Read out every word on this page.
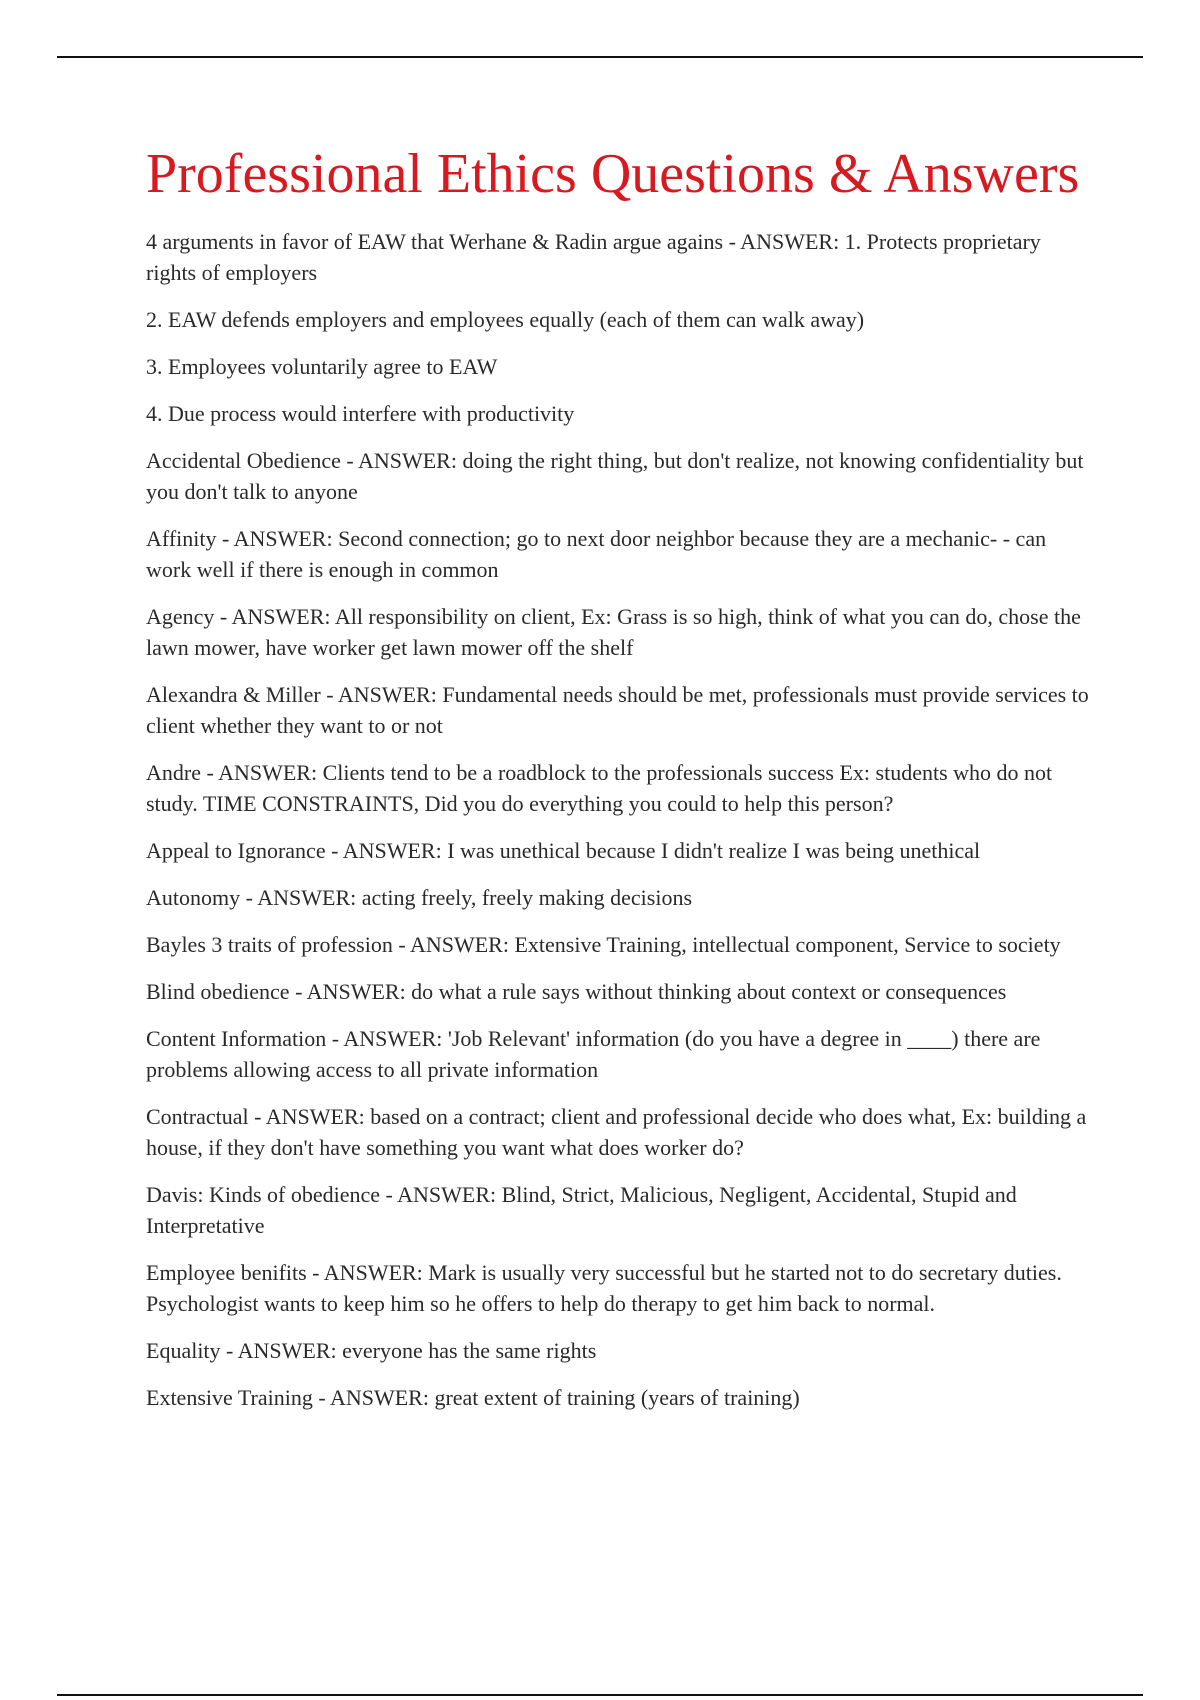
Professional Ethics Questions & Answers

4 arguments in favor of EAW that Werhane & Radin argue agains - ANSWER: 1. Protects proprietary rights of employers

2. EAW defends employers and employees equally (each of them can walk away)

3. Employees voluntarily agree to EAW

4. Due process would interfere with productivity

Accidental Obedience - ANSWER: doing the right thing, but don't realize, not knowing confidentiality but you don't talk to anyone

Affinity - ANSWER: Second connection; go to next door neighbor because they are a mechanic- - can work well if there is enough in common

Agency - ANSWER: All responsibility on client, Ex: Grass is so high, think of what you can do, chose the lawn mower, have worker get lawn mower off the shelf

Alexandra & Miller - ANSWER: Fundamental needs should be met, professionals must provide services to client whether they want to or not

Andre - ANSWER: Clients tend to be a roadblock to the professionals success Ex: students who do not study. TIME CONSTRAINTS, Did you do everything you could to help this person?

Appeal to Ignorance - ANSWER: I was unethical because I didn't realize I was being unethical

Autonomy - ANSWER: acting freely, freely making decisions

Bayles 3 traits of profession - ANSWER: Extensive Training, intellectual component, Service to society

Blind obedience - ANSWER: do what a rule says without thinking about context or consequences

Content Information - ANSWER: 'Job Relevant' information (do you have a degree in ____) there are problems allowing access to all private information

Contractual - ANSWER: based on a contract; client and professional decide who does what, Ex: building a house, if they don't have something you want what does worker do?

Davis: Kinds of obedience - ANSWER: Blind, Strict, Malicious, Negligent, Accidental, Stupid and Interpretative

Employee benifits - ANSWER: Mark is usually very successful but he started not to do secretary duties. Psychologist wants to keep him so he offers to help do therapy to get him back to normal.

Equality - ANSWER: everyone has the same rights

Extensive Training - ANSWER: great extent of training (years of training)
